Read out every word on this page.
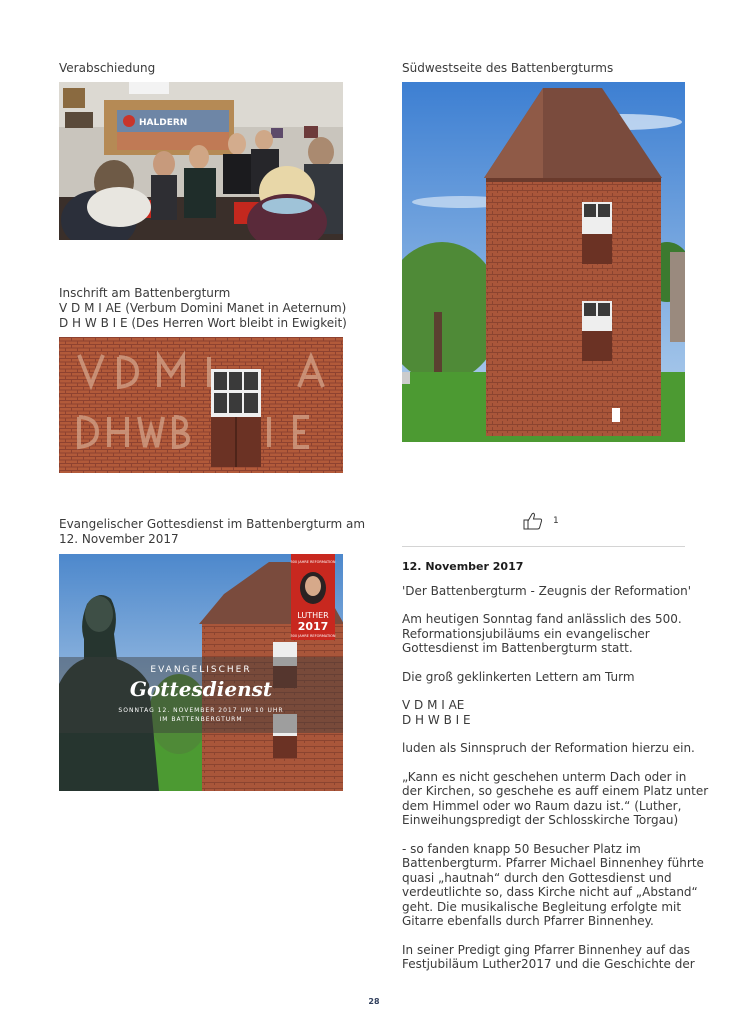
Verabschiedung	Südwestseite des Battenbergturms
Inschrift am Battenbergturm
V D M I AE (Verbum Domini Manet in Aeternum)
D H W B I E (Des Herren Wort bleibt in Ewigkeit)
Evangelischer Gottesdienst im Battenbergturm am
12. November 2017
HALDERN
EVANGELISCHER
Gottesdienst
SONNTAG 12. NOVEMBER 2017 UM 10 UHR
IM BATTENBERGTURM
500 JAHRE REFORMATION
LUTHER
2017
500 JAHRE REFORMATION
1
12. November 2017

'Der Battenbergturm - Zeugnis der Reformation'

Am heutigen Sonntag fand anlässlich des 500.
Reformationsjubiläums ein evangelischer
Gottesdienst im Battenbergturm statt.

Die groß geklinkerten Lettern am Turm

V D M I AE
D H W B I E

luden als Sinnspruch der Reformation hierzu ein.

„Kann es nicht geschehen unterm Dach oder in
der Kirchen, so geschehe es auff einem Platz unter
dem Himmel oder wo Raum dazu ist.“ (Luther,
Einweihungspredigt der Schlosskirche Torgau)

- so fanden knapp 50 Besucher Platz im
Battenbergturm. Pfarrer Michael Binnenhey führte
quasi „hautnah“ durch den Gottesdienst und
verdeutlichte so, dass Kirche nicht auf „Abstand“
geht. Die musikalische Begleitung erfolgte mit
Gitarre ebenfalls durch Pfarrer Binnenhey.

In seiner Predigt ging Pfarrer Binnenhey auf das
Festjubiläum Luther2017 und die Geschichte der

28
